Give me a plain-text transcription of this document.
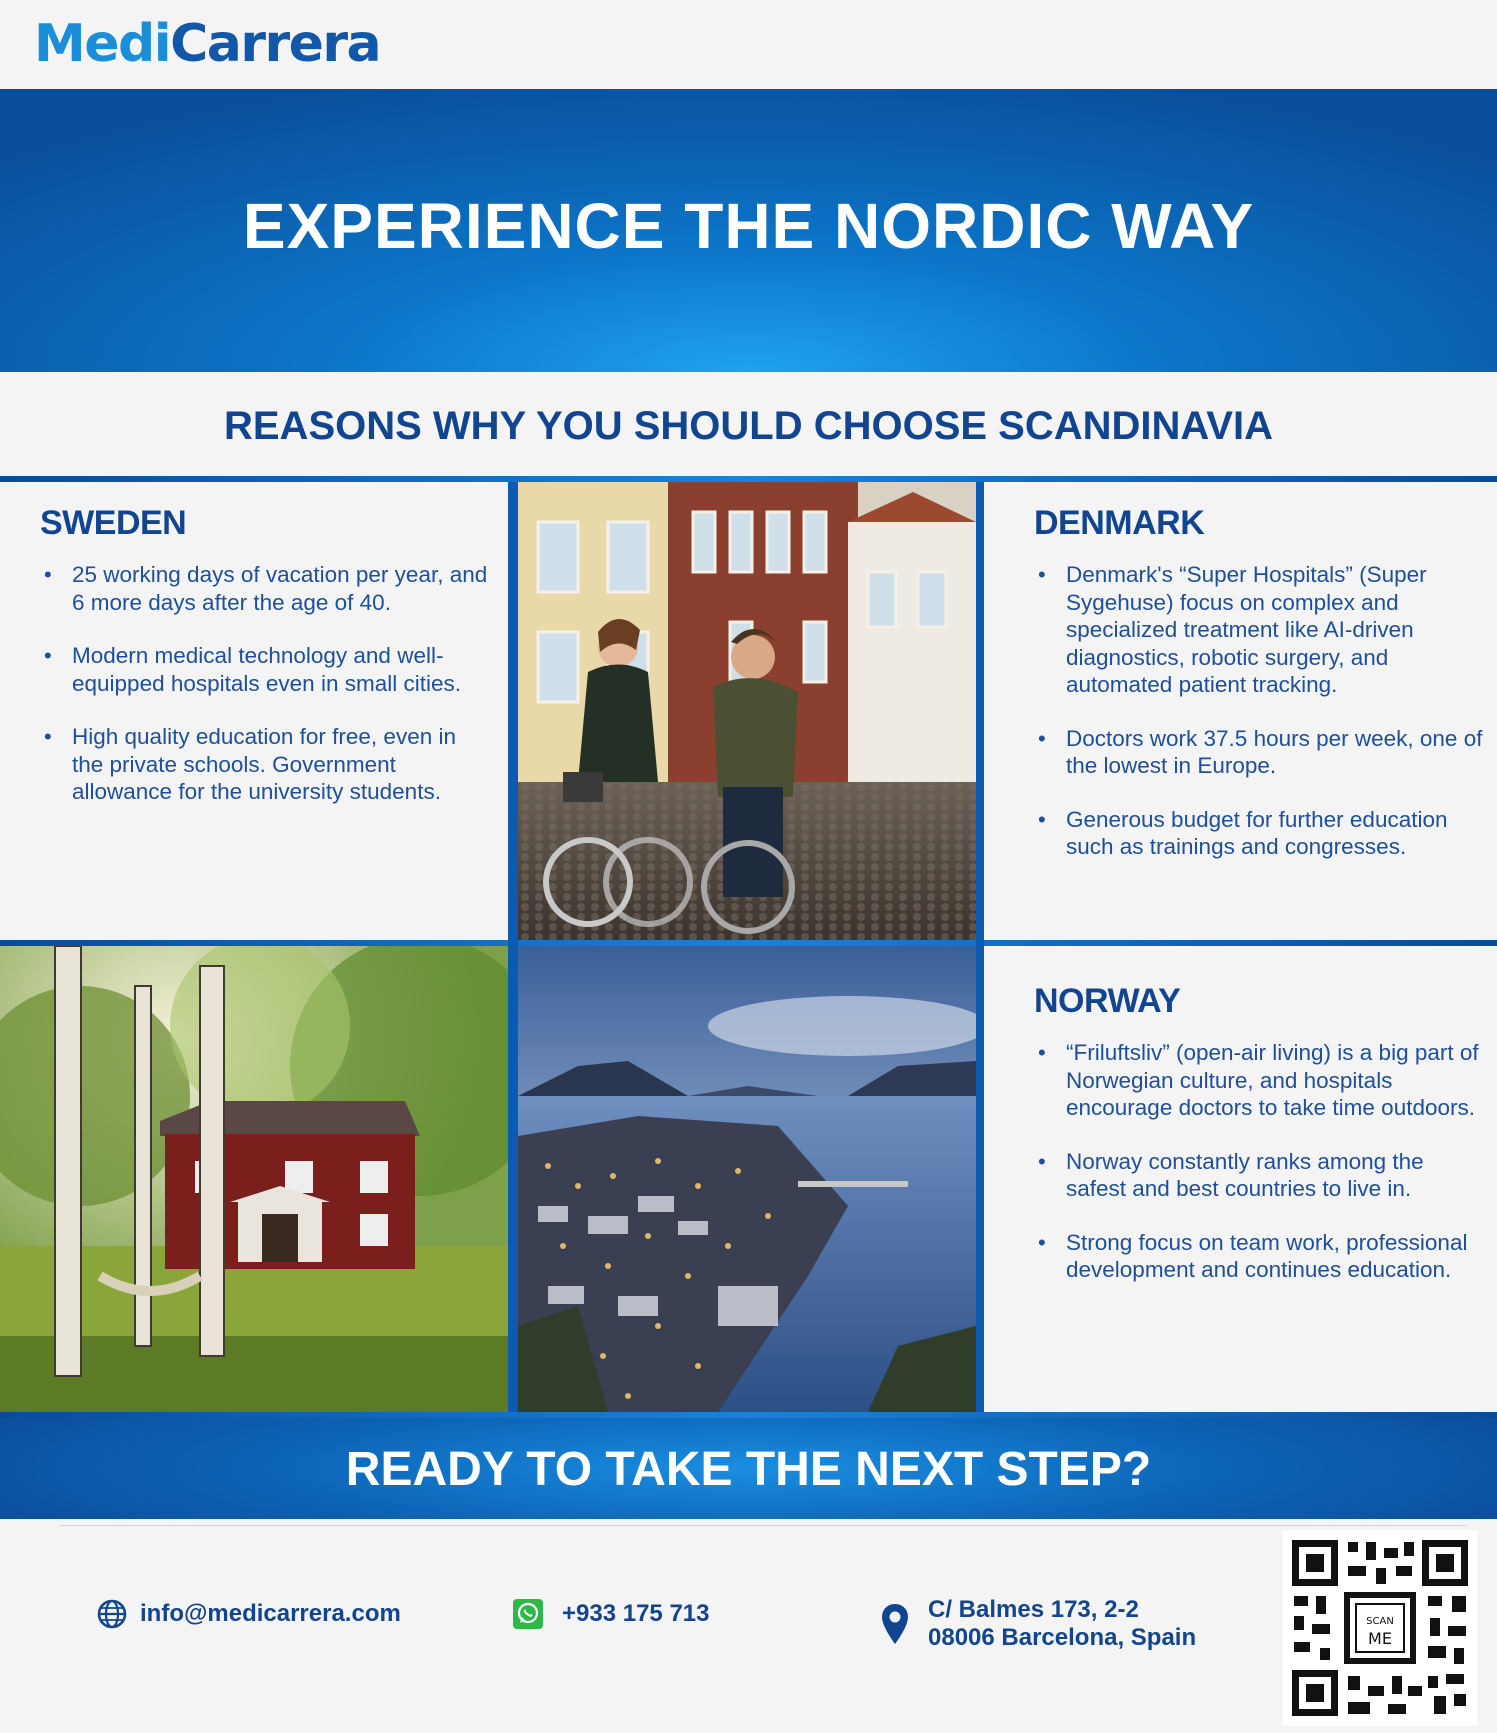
MediCarrera
EXPERIENCE THE NORDIC WAY
REASONS WHY YOU SHOULD CHOOSE SCANDINAVIA
SWEDEN
• 25 working days of vacation per year, and 6 more days after the age of 40.
• Modern medical technology and well-equipped hospitals even in small cities.
• High quality education for free, even in the private schools. Government allowance for the university students.
DENMARK
• Denmark's “Super Hospitals” (Super Sygehuse) focus on complex and specialized treatment like AI-driven diagnostics, robotic surgery, and automated patient tracking.
• Doctors work 37.5 hours per week, one of the lowest in Europe.
• Generous budget for further education such as trainings and congresses.
NORWAY
• “Friluftsliv” (open-air living) is a big part of Norwegian culture, and hospitals encourage doctors to take time outdoors.
• Norway constantly ranks among the safest and best countries to live in.
• Strong focus on team work, professional development and continues education.
READY TO TAKE THE NEXT STEP?
info@medicarrera.com	+933 175 713	C/ Balmes 173, 2-2
08006 Barcelona, Spain
SCAN
ME
